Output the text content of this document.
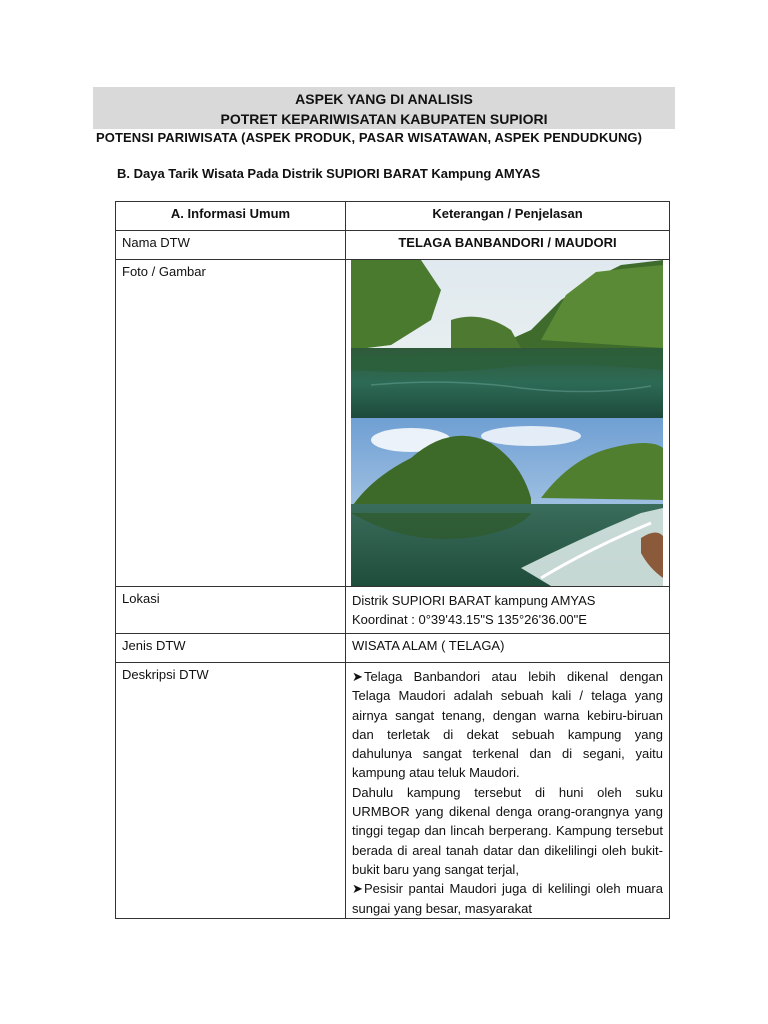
ASPEK YANG DI ANALISIS
POTRET KEPARIWISATAN KABUPATEN SUPIORI
POTENSI PARIWISATA (ASPEK PRODUK, PASAR WISATAWAN, ASPEK PENDUDKUNG)
B. Daya Tarik Wisata Pada Distrik SUPIORI BARAT Kampung AMYAS
A. Informasi Umum	Keterangan / Penjelasan
Nama DTW	TELAGA BANBANDORI / MAUDORI
Foto / Gambar	

Lokasi	Distrik SUPIORI BARAT kampung AMYAS
Koordinat : 0°39'43.15"S 135°26'36.00"E

Jenis DTW	WISATA ALAM ( TELAGA)
Deskripsi DTW	➤Telaga Banbandori atau lebih dikenal dengan Telaga Maudori adalah sebuah kali / telaga yang airnya sangat tenang, dengan warna kebiru-biruan dan terletak di dekat sebuah kampung yang dahulunya sangat terkenal dan di segani, yaitu kampung atau teluk Maudori.

Dahulu kampung tersebut di huni oleh suku URMBOR yang dikenal denga orang-orangnya yang tinggi tegap dan lincah berperang. Kampung tersebut berada di areal tanah datar dan dikelilingi oleh bukit- bukit baru yang sangat terjal,

➤Pesisir pantai Maudori juga di kelilingi oleh muara sungai yang besar, masyarakat
